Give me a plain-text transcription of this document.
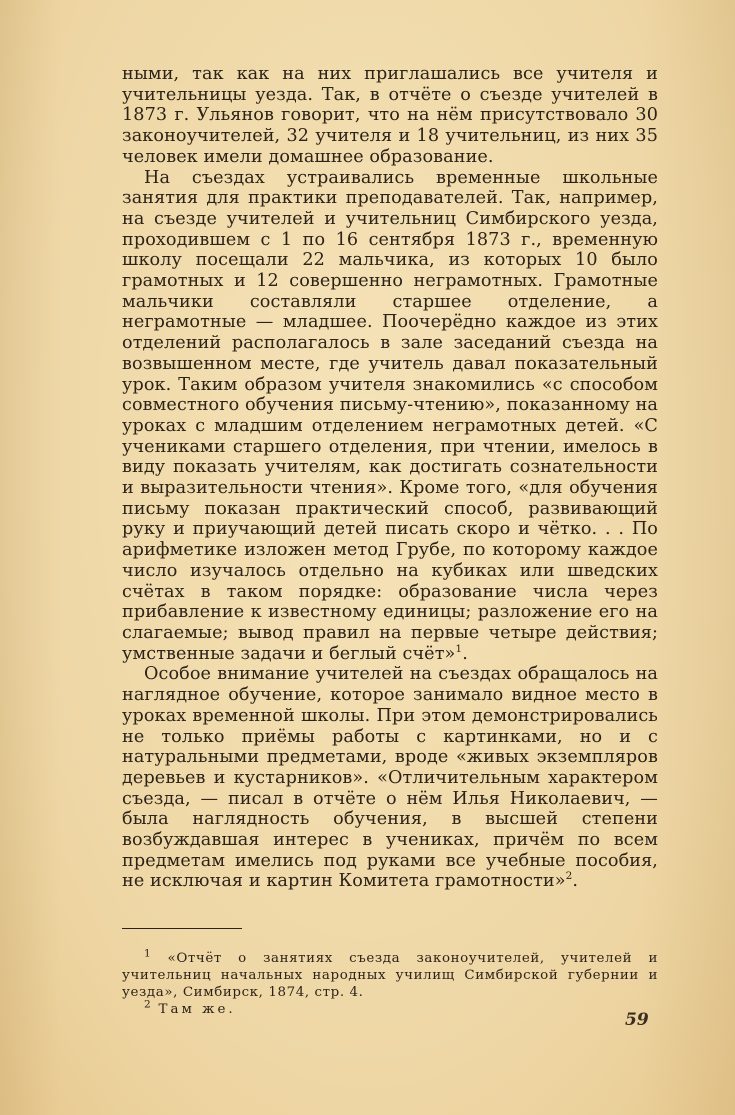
ными, так как на них приглашались все учителя и учительницы уезда. Так, в отчёте о съезде учителей в 1873 г. Ульянов говорит, что на нём присутствовало 30 законоучителей, 32 учителя и 18 учительниц, из них 35 человек имели домашнее образование.

На съездах устраивались временные школьные занятия для практики преподавателей. Так, например, на съезде учителей и учительниц Симбирского уезда, проходившем с 1 по 16 сентября 1873 г., временную школу посещали 22 мальчика, из которых 10 было грамотных и 12 совершенно неграмотных. Грамотные мальчики составляли старшее отделение, а неграмотные — младшее. Поочерёдно каждое из этих отделений располагалось в зале заседаний съезда на возвышенном месте, где учитель давал показательный урок. Таким образом учителя знакомились «с способом совместного обучения письму-чтению», показанному на уроках с младшим отделением неграмотных детей. «С учениками старшего отделения, при чтении, имелось в виду показать учителям, как достигать сознательности и выразительности чтения». Кроме того, «для обучения письму показан практический способ, развивающий руку и приучающий детей писать скоро и чётко. . . По арифметике изложен метод Грубе, по которому каждое число изучалось отдельно на кубиках или шведских счётах в таком порядке: образование числа через прибавление к известному единицы; разложение его на слагаемые; вывод правил на первые четыре действия; умственные задачи и беглый счёт»$^1$.

Особое внимание учителей на съездах обращалось на наглядное обучение, которое занимало видное место в уроках временной школы. При этом демонстрировались не только приёмы работы с картинками, но и с натуральными предметами, вроде «живых экземпляров деревьев и кустарников». «Отличительным характером съезда, — писал в отчёте о нём Илья Николаевич, — была наглядность обучения, в высшей степени возбуждавшая интерес в учениках, причём по всем предметам имелись под руками все учебные пособия, не исключая и картин Комитета грамотности»$^2$.

$^1$ «Отчёт о занятиях съезда законоучителей, учителей и учительниц начальных народных училищ Симбирской губернии и уезда», Симбирск, 1874, стр. 4.

$^2$ Там же.

59
